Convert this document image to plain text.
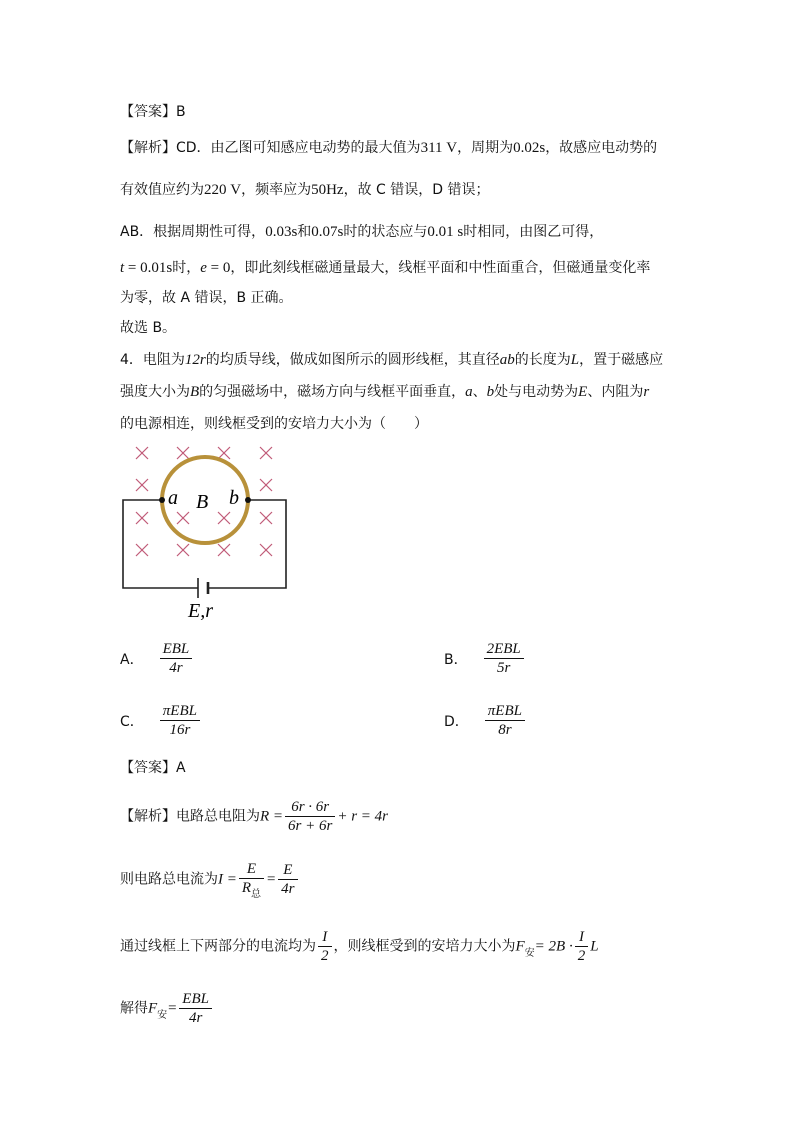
【答案】B
【解析】CD．由乙图可知感应电动势的最大值为311 V，周期为0.02s，故感应电动势的
有效值应约为220 V，频率应为50Hz，故 C 错误，D 错误；
AB．根据周期性可得，0.03s和0.07s时的状态应与0.01 s时相同，由图乙可得，
t = 0.01s时，e = 0，即此刻线框磁通量最大，线框平面和中性面重合，但磁通量变化率
为零，故 A 错误，B 正确。
故选 B。
4．电阻为12r的均质导线，做成如图所示的圆形线框，其直径ab的长度为L，置于磁感应
强度大小为B的匀强磁场中，磁场方向与线框平面垂直，a、b处与电动势为E、内阻为r
的电源相连，则线框受到的安培力大小为（　　）
a B b
E,r
A． $\frac{\text{EBL}}{4r}$	B． $\frac{\text{2EBL}}{5r}$
C． $\frac{\text{πEBL}}{16r}$	D． $\frac{\text{πEBL}}{8r}$
【答案】A
【解析】电路总电阻为$R = \frac{6r \cdot 6r}{6r + 6r} + r = 4r$
则电路总电流为$I = \frac{E}{R_总} = \frac{E}{4r}$
通过线框上下两部分的电流均为 $\frac{I}{2}$ ，则线框受到的安培力大小为$F_安= 2B \cdot \frac{I}{2}$ L
解得$F_安= \frac{\text{EBL}}{4r}$
